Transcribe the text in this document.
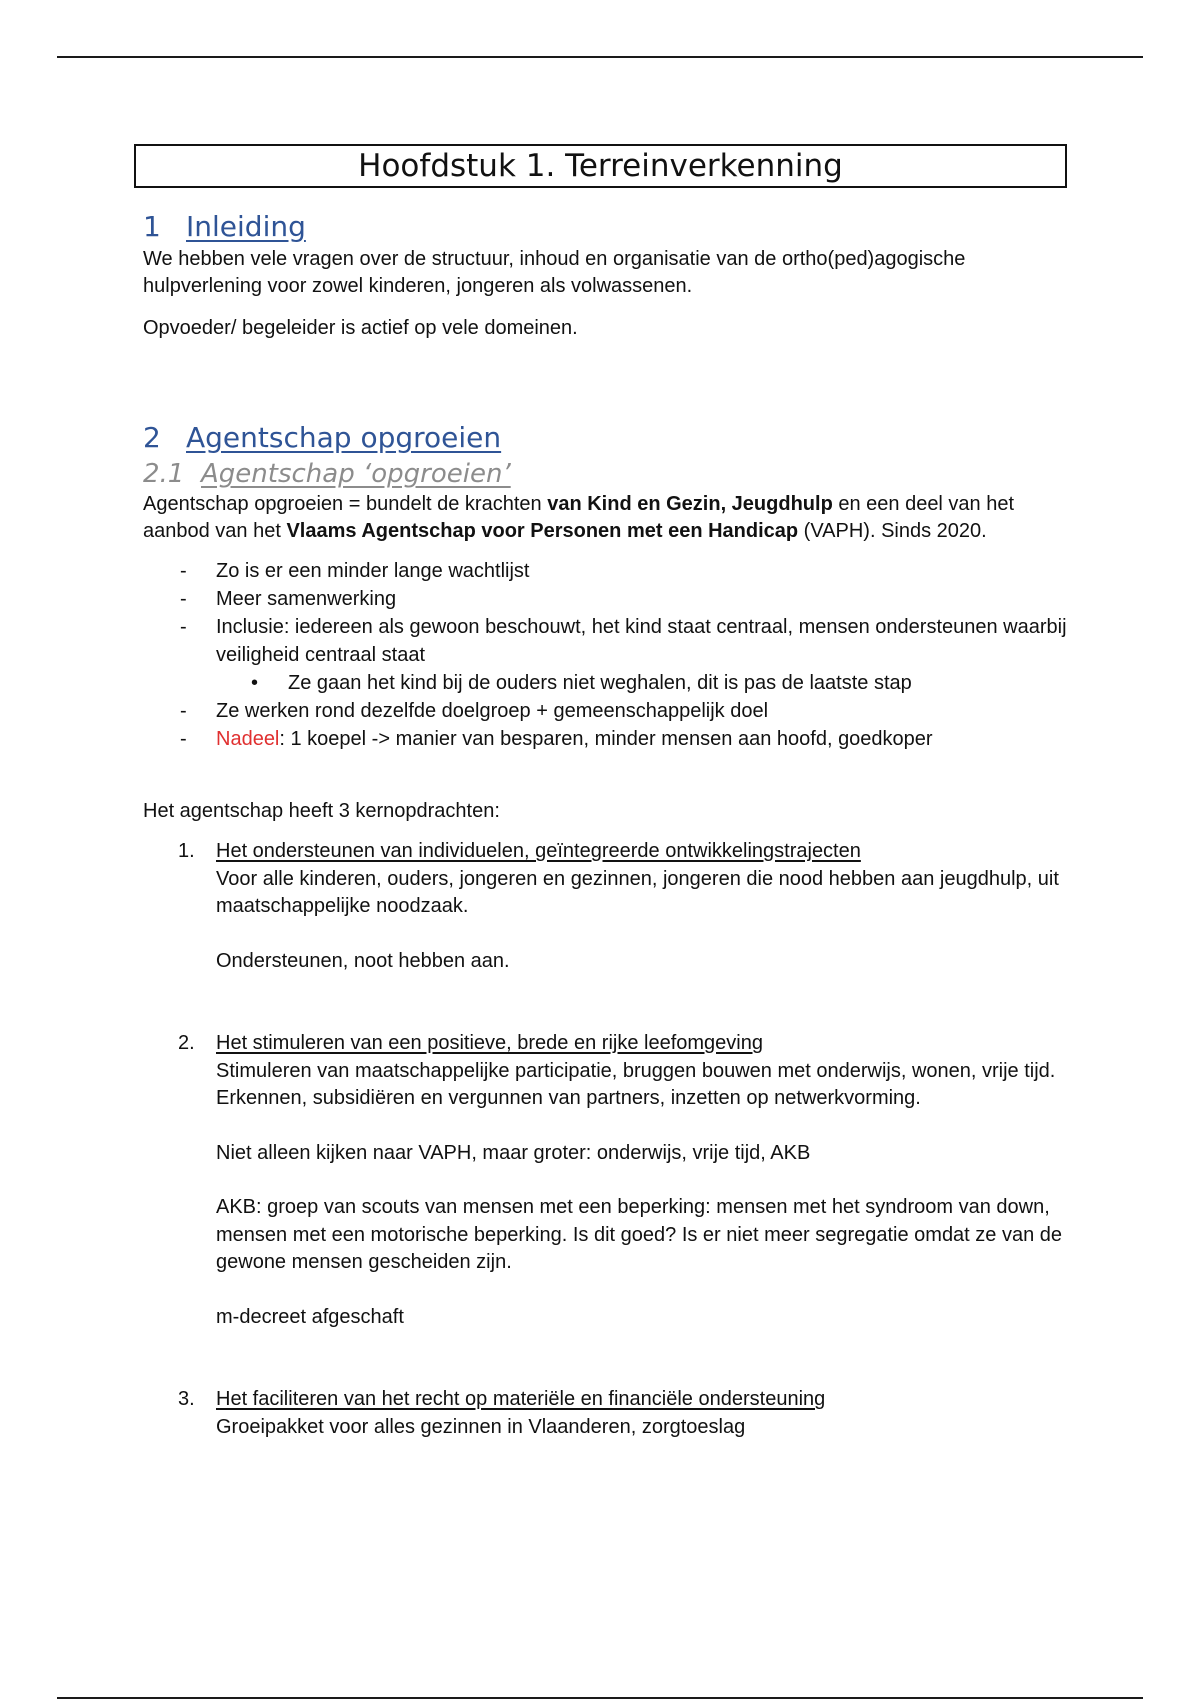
Hoofdstuk 1. Terreinverkenning
1 Inleiding

We hebben vele vragen over de structuur, inhoud en organisatie van de ortho(ped)agogische hulpverlening voor zowel kinderen, jongeren als volwassenen.

Opvoeder/ begeleider is actief op vele domeinen.

2 Agentschap opgroeien
2.1 Agentschap ‘opgroeien’

Agentschap opgroeien = bundelt de krachten van Kind en Gezin, Jeugdhulp en een deel van het aanbod van het Vlaams Agentschap voor Personen met een Handicap (VAPH). Sinds 2020.

- Zo is er een minder lange wachtlijst
- Meer samenwerking
- Inclusie: iedereen als gewoon beschouwt, het kind staat centraal, mensen ondersteunen waarbij veiligheid centraal staat
• Ze gaan het kind bij de ouders niet weghalen, dit is pas de laatste stap
- Ze werken rond dezelfde doelgroep + gemeenschappelijk doel
- Nadeel: 1 koepel -> manier van besparen, minder mensen aan hoofd, goedkoper

Het agentschap heeft 3 kernopdrachten:

1. Het ondersteunen van individuelen, geïntegreerde ontwikkelingstrajecten
Voor alle kinderen, ouders, jongeren en gezinnen, jongeren die nood hebben aan jeugdhulp, uit maatschappelijke noodzaak.
Ondersteunen, noot hebben aan.
2. Het stimuleren van een positieve, brede en rijke leefomgeving
Stimuleren van maatschappelijke participatie, bruggen bouwen met onderwijs, wonen, vrije tijd. Erkennen, subsidiëren en vergunnen van partners, inzetten op netwerkvorming.
Niet alleen kijken naar VAPH, maar groter: onderwijs, vrije tijd, AKB
AKB: groep van scouts van mensen met een beperking: mensen met het syndroom van down, mensen met een motorische beperking. Is dit goed? Is er niet meer segregatie omdat ze van de gewone mensen gescheiden zijn.
m-decreet afgeschaft
3. Het faciliteren van het recht op materiële en financiële ondersteuning
Groeipakket voor alles gezinnen in Vlaanderen, zorgtoeslag
